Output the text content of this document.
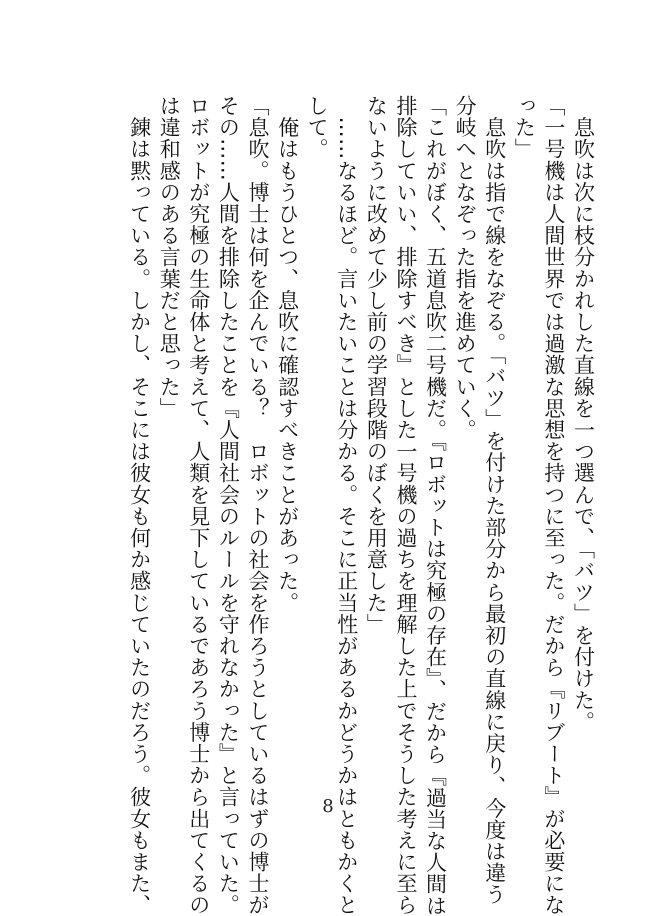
　息吹は次に枝分かれした直線を一つ選んで、「バツ」を付けた。
「一号機は人間世界では過激な思想を持つに至った。だから『リブート』が必要にな
った」
　息吹は指で線をなぞる。「バツ」を付けた部分から最初の直線に戻り、今度は違う
分岐へとなぞった指を進めていく。
「これがぼく、五道息吹二号機だ。『ロボットは究極の存在』、だから『過当な人間は
排除していい、排除すべき』とした一号機の過ちを理解した上でそうした考えに至ら
ないように改めて少し前の学習段階のぼくを用意した」
　……なるほど。言いたいことは分かる。そこに正当性があるかどうかはともかくと
して。
　俺はもうひとつ、息吹に確認すべきことがあった。
「息吹。博士は何を企んでいる？　ロボットの社会を作ろうとしているはずの博士が
その……人間を排除したことを『人間社会のルールを守れなかった』と言っていた。
ロボットが究極の生命体と考えて、人類を見下しているであろう博士から出てくるの
は違和感のある言葉だと思った」
　錬は黙っている。しかし、そこには彼女も何か感じていたのだろう。彼女もまた、	8
